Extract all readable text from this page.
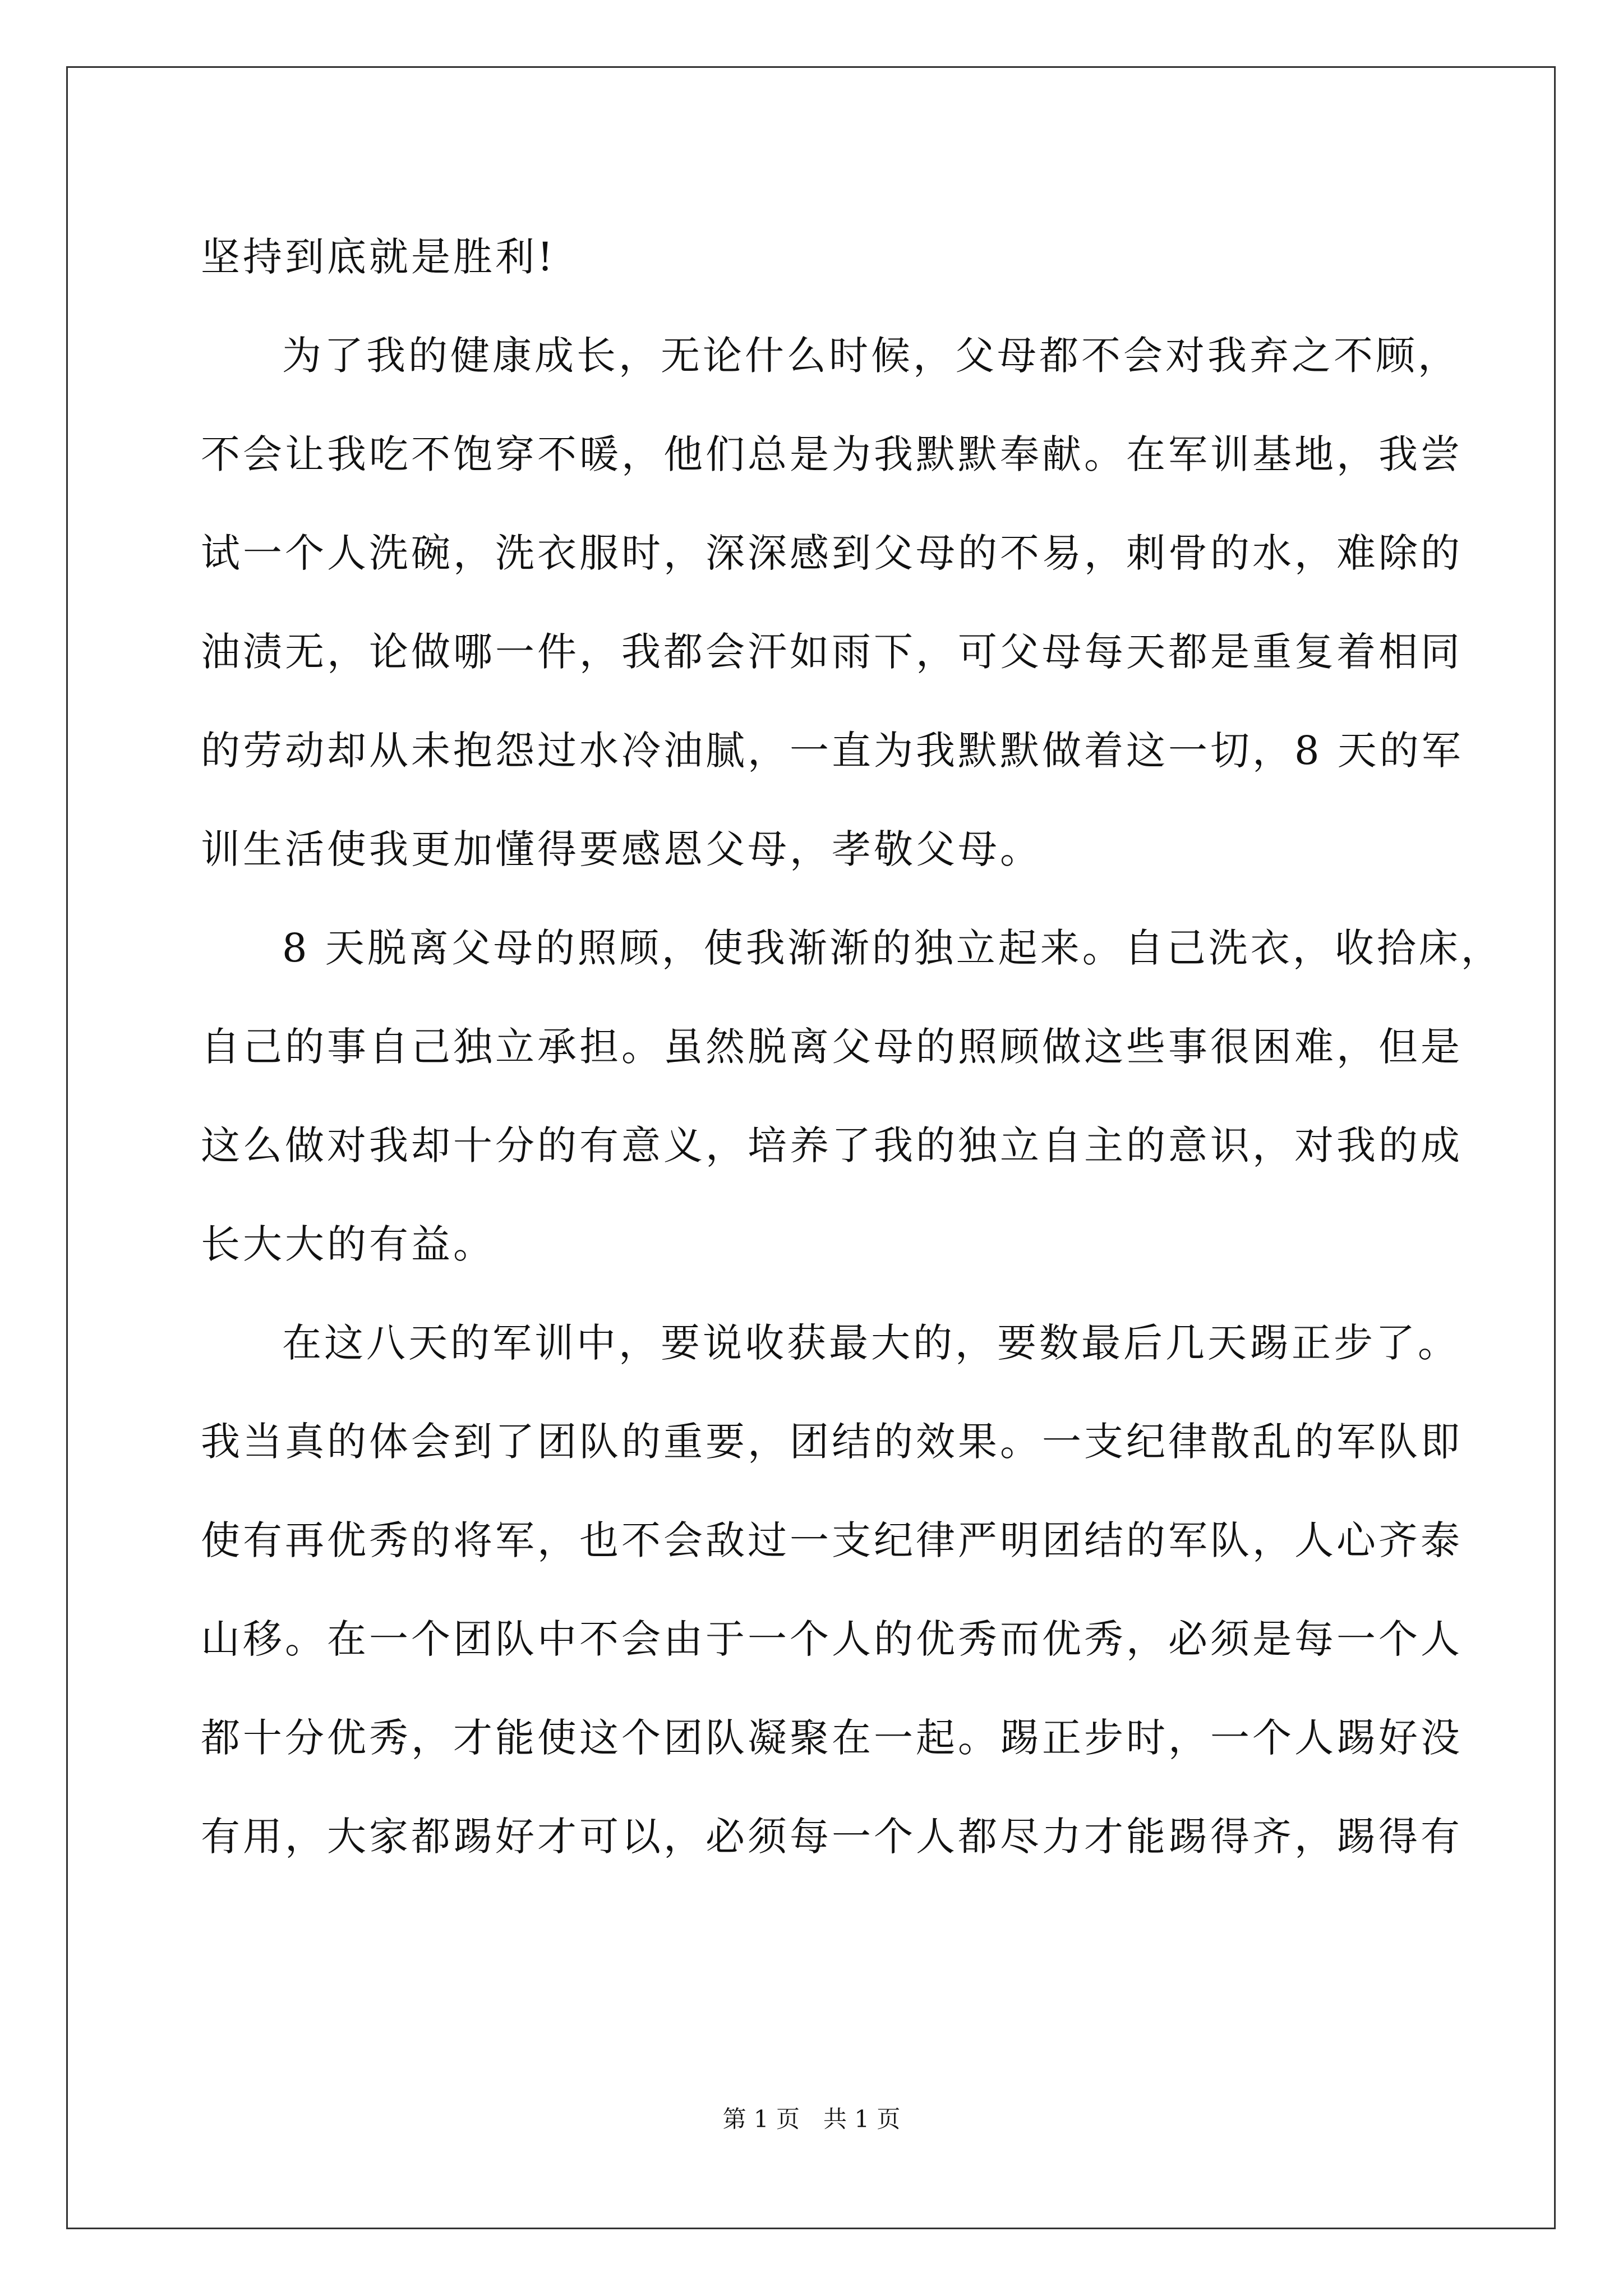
坚持到底就是胜利!
为了我的健康成长，无论什么时候，父母都不会对我弃之不顾，
不会让我吃不饱穿不暖，他们总是为我默默奉献。在军训基地，我尝
试一个人洗碗，洗衣服时，深深感到父母的不易，刺骨的水，难除的
油渍无，论做哪一件，我都会汗如雨下，可父母每天都是重复着相同
的劳动却从未抱怨过水冷油腻，一直为我默默做着这一切，8 天的军
训生活使我更加懂得要感恩父母，孝敬父母。
8 天脱离父母的照顾，使我渐渐的独立起来。自己洗衣，收拾床，
自己的事自己独立承担。虽然脱离父母的照顾做这些事很困难，但是
这么做对我却十分的有意义，培养了我的独立自主的意识，对我的成
长大大的有益。
在这八天的军训中，要说收获最大的，要数最后几天踢正步了。
我当真的体会到了团队的重要，团结的效果。一支纪律散乱的军队即
使有再优秀的将军，也不会敌过一支纪律严明团结的军队，人心齐泰
山移。在一个团队中不会由于一个人的优秀而优秀，必须是每一个人
都十分优秀，才能使这个团队凝聚在一起。踢正步时，一个人踢好没
有用，大家都踢好才可以，必须每一个人都尽力才能踢得齐，踢得有
第 1 页　共 1 页
